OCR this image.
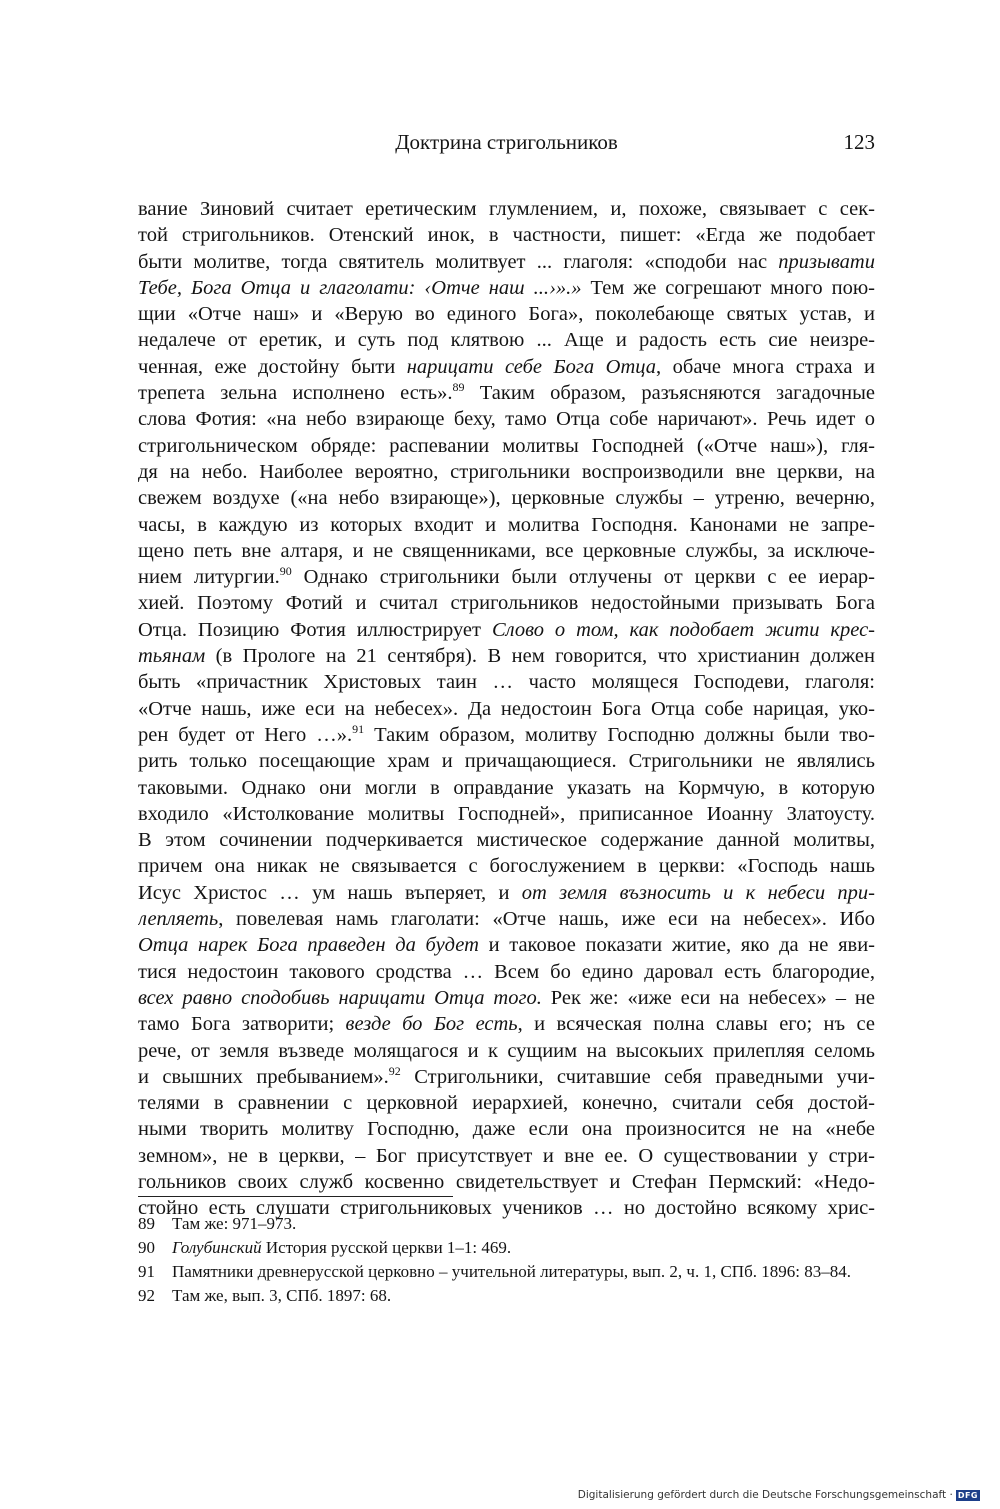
Доктрина стригольников	123
вание Зиновий считает еретическим глумлением, и, похоже, связывает с сек-
той стригольников. Отенский инок, в частности, пишет: «Егда же подобает
быти молитве, тогда святитель молитвует ... глаголя: «сподоби нас призывати
Тебе, Бога Отца и глаголати: ‹Отче наш ...›».» Тем же согрешают много пою-
щии «Отче наш» и «Верую во единого Бога», поколебающе святых устав, и
недалече от еретик, и суть под клятвою ... Аще и радость есть сие неизре-
ченная, еже достойну быти нарицати себе Бога Отца, обаче многа страха и
трепета зельна исполнено есть».$^{89}$ Таким образом, разъясняются загадочные
слова Фотия: «на небо взирающе беху, тамо Отца собе наричают». Речь идет о
стригольническом обряде: распевании молитвы Господней («Отче наш»), гля-
дя на небо. Наиболее вероятно, стригольники воспроизводили вне церкви, на
свежем воздухе («на небо взирающе»), церковные службы – утреню, вечерню,
часы, в каждую из которых входит и молитва Господня. Канонами не запре-
щено петь вне алтаря, и не священниками, все церковные службы, за исключе-
нием литургии.$^{90}$ Однако стригольники были отлучены от церкви с ее иерар-
хией. Поэтому Фотий и считал стригольников недостойными призывать Бога
Отца. Позицию Фотия иллюстрирует Слово о том, как подобает жити крес-
тьянам (в Прологе на 21 сентября). В нем говорится, что христианин должен
быть «причастник Христовых таин … часто молящеся Господеви, глаголя:
«Отче нашь, иже еси на небесех». Да недостоин Бога Отца собе нарицая, уко-
рен будет от Него …».$^{91}$ Таким образом, молитву Господню должны были тво-
рить только посещающие храм и причащающиеся. Стригольники не являлись
таковыми. Однако они могли в оправдание указать на Кормчую, в которую
входило «Истолкование молитвы Господней», приписанное Иоанну Златоусту.
В этом сочинении подчеркивается мистическое содержание данной молитвы,
причем она никак не связывается с богослужением в церкви: «Господь нашь
Исус Христос … ум нашь въперяет, и от земля възносить и к небеси при-
лепляеть, повелевая намь глаголати: «Отче нашь, иже еси на небесех». Ибо
Отца нарек Бога праведен да будет и таковое показати житие, яко да не яви-
тися недостоин такового сродства … Всем бо едино даровал есть благородие,
всех равно сподобивь нарицати Отца того. Рек же: «иже еси на небесех» – не
тамо Бога затворити; везде бо Бог есть, и всяческая полна славы его; нъ се
рече, от земля възведе молящагося и к сущиим на высокыих прилепляя селомь
и свышних пребыванием».$^{92}$ Стригольники, считавшие себя праведными учи-
телями в сравнении с церковной иерархией, конечно, считали себя достой-
ными творить молитву Господню, даже если она произносится не на «небе
земном», не в церкви, – Бог присутствует и вне ее. О существовании у стри-
гольников своих служб косвенно свидетельствует и Стефан Пермский: «Недо-
стойно есть слушати стригольниковых учеников … но достойно всякому хрис-
89 Там же: 971–973.
90 Голубинский История русской церкви 1–1: 469.
91 Памятники древнерусской церковно – учительной литературы, вып. 2, ч. 1, СПб. 1896: 83–84.
92 Там же, вып. 3, СПб. 1897: 68.
Digitalisierung gefördert durch die Deutsche Forschungsgemeinschaft · DFG
